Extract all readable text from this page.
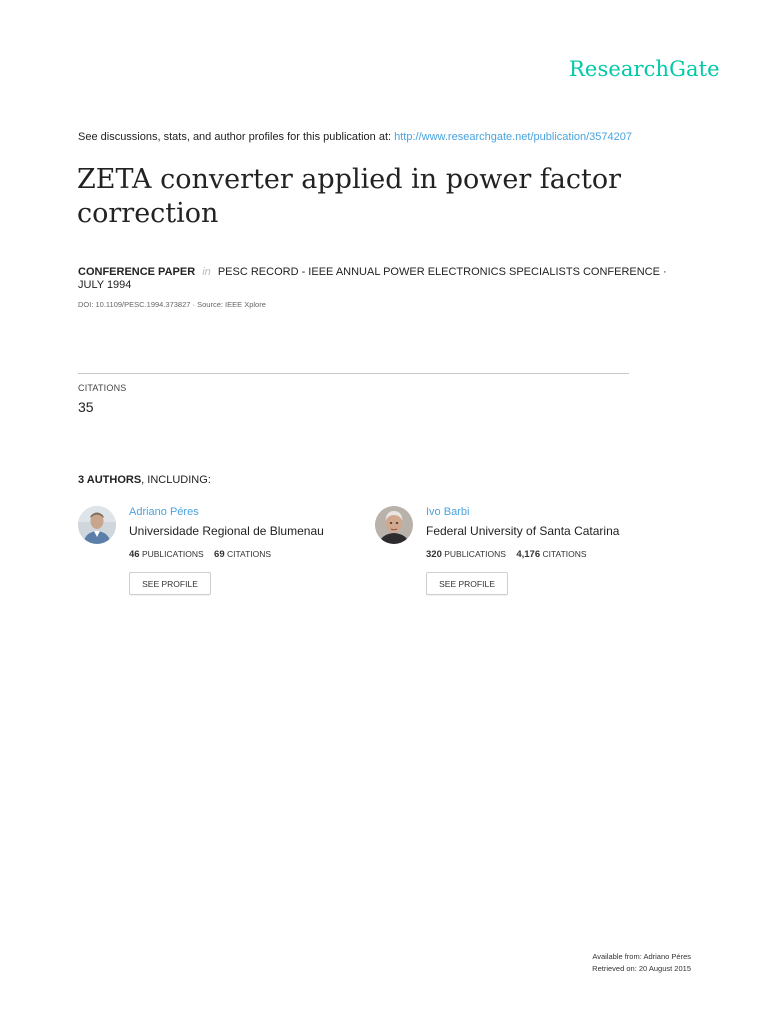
ResearchGate
See discussions, stats, and author profiles for this publication at: http://www.researchgate.net/publication/3574207
ZETA converter applied in power factor correction
CONFERENCE PAPER in PESC RECORD - IEEE ANNUAL POWER ELECTRONICS SPECIALISTS CONFERENCE · JULY 1994
DOI: 10.1109/PESC.1994.373827 · Source: IEEE Xplore
CITATIONS
35
3 AUTHORS, INCLUDING:
Adriano Péres
Universidade Regional de Blumenau
46 PUBLICATIONS 69 CITATIONS
SEE PROFILE
Ivo Barbi
Federal University of Santa Catarina
320 PUBLICATIONS 4,176 CITATIONS
SEE PROFILE
Available from: Adriano Péres
Retrieved on: 20 August 2015
